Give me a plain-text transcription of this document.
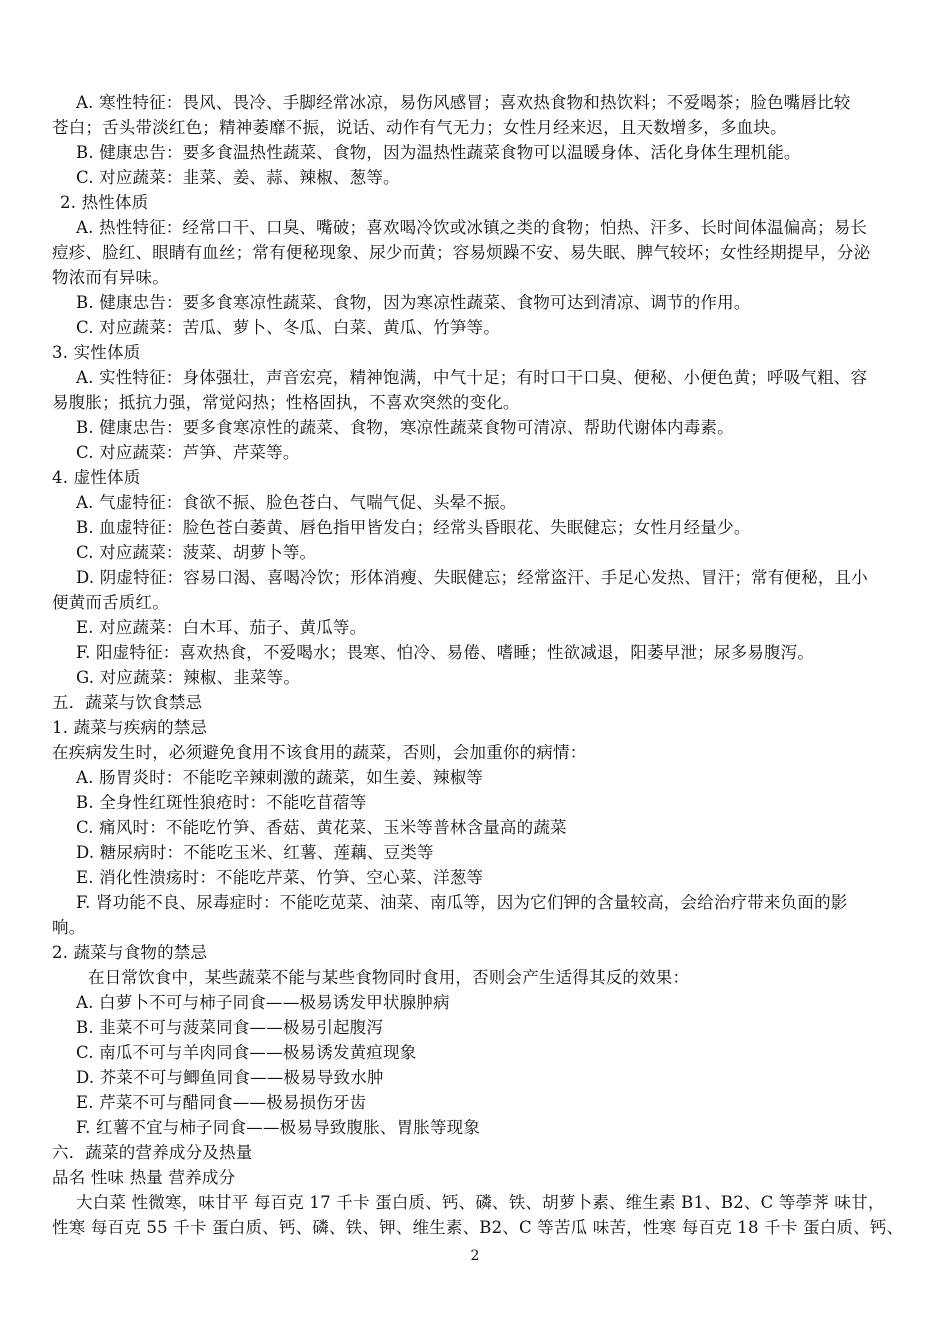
A. 寒性特征：畏风、畏冷、手脚经常冰凉，易伤风感冒；喜欢热食物和热饮料；不爱喝茶；脸色嘴唇比较
苍白；舌头带淡红色；精神萎靡不振，说话、动作有气无力；女性月经来迟，且天数增多，多血块。
B. 健康忠告：要多食温热性蔬菜、食物，因为温热性蔬菜食物可以温暖身体、活化身体生理机能。
C. 对应蔬菜：韭菜、姜、蒜、辣椒、葱等。
2. 热性体质
A. 热性特征：经常口干、口臭、嘴破；喜欢喝冷饮或冰镇之类的食物；怕热、汗多、长时间体温偏高；易长
痘疹、脸红、眼睛有血丝；常有便秘现象、尿少而黄；容易烦躁不安、易失眠、脾气较坏；女性经期提早，分泌
物浓而有异味。
B. 健康忠告：要多食寒凉性蔬菜、食物，因为寒凉性蔬菜、食物可达到清凉、调节的作用。
C. 对应蔬菜：苦瓜、萝卜、冬瓜、白菜、黄瓜、竹笋等。
3. 实性体质
A. 实性特征：身体强壮，声音宏亮，精神饱满，中气十足；有时口干口臭、便秘、小便色黄；呼吸气粗、容
易腹胀；抵抗力强，常觉闷热；性格固执，不喜欢突然的变化。
B. 健康忠告：要多食寒凉性的蔬菜、食物，寒凉性蔬菜食物可清凉、帮助代谢体内毒素。
C. 对应蔬菜：芦笋、芹菜等。
4. 虚性体质
A. 气虚特征：食欲不振、脸色苍白、气喘气促、头晕不振。
B. 血虚特征：脸色苍白萎黄、唇色指甲皆发白；经常头昏眼花、失眠健忘；女性月经量少。
C. 对应蔬菜：菠菜、胡萝卜等。
D. 阴虚特征：容易口渴、喜喝冷饮；形体消瘦、失眠健忘；经常盗汗、手足心发热、冒汗；常有便秘，且小
便黄而舌质红。
E. 对应蔬菜：白木耳、茄子、黄瓜等。
F. 阳虚特征：喜欢热食，不爱喝水；畏寒、怕冷、易倦、嗜睡；性欲减退，阳萎早泄；尿多易腹泻。
G. 对应蔬菜：辣椒、韭菜等。
五．蔬菜与饮食禁忌
1. 蔬菜与疾病的禁忌
在疾病发生时，必须避免食用不该食用的蔬菜，否则，会加重你的病情：
A. 肠胃炎时：不能吃辛辣刺激的蔬菜，如生姜、辣椒等
B. 全身性红斑性狼疮时：不能吃苜蓿等
C. 痛风时：不能吃竹笋、香菇、黄花菜、玉米等普林含量高的蔬菜
D. 糖尿病时：不能吃玉米、红薯、莲藕、豆类等
E. 消化性溃疡时：不能吃芹菜、竹笋、空心菜、洋葱等
F. 肾功能不良、尿毒症时：不能吃苋菜、油菜、南瓜等，因为它们钾的含量较高，会给治疗带来负面的影
响。
2. 蔬菜与食物的禁忌
在日常饮食中，某些蔬菜不能与某些食物同时食用，否则会产生适得其反的效果：
A. 白萝卜不可与柿子同食——极易诱发甲状腺肿病
B. 韭菜不可与菠菜同食——极易引起腹泻
C. 南瓜不可与羊肉同食——极易诱发黄疸现象
D. 芥菜不可与鲫鱼同食——极易导致水肿
E. 芹菜不可与醋同食——极易损伤牙齿
F. 红薯不宜与柿子同食——极易导致腹胀、胃胀等现象
六．蔬菜的营养成分及热量
品名 性味 热量 营养成分
大白菜 性微寒，味甘平 每百克 17 千卡 蛋白质、钙、磷、铁、胡萝卜素、维生素 B1、B2、C 等荸荠 味甘，
性寒 每百克 55 千卡 蛋白质、钙、磷、铁、钾、维生素、B2、C 等苦瓜 味苦，性寒 每百克 18 千卡 蛋白质、钙、
2
